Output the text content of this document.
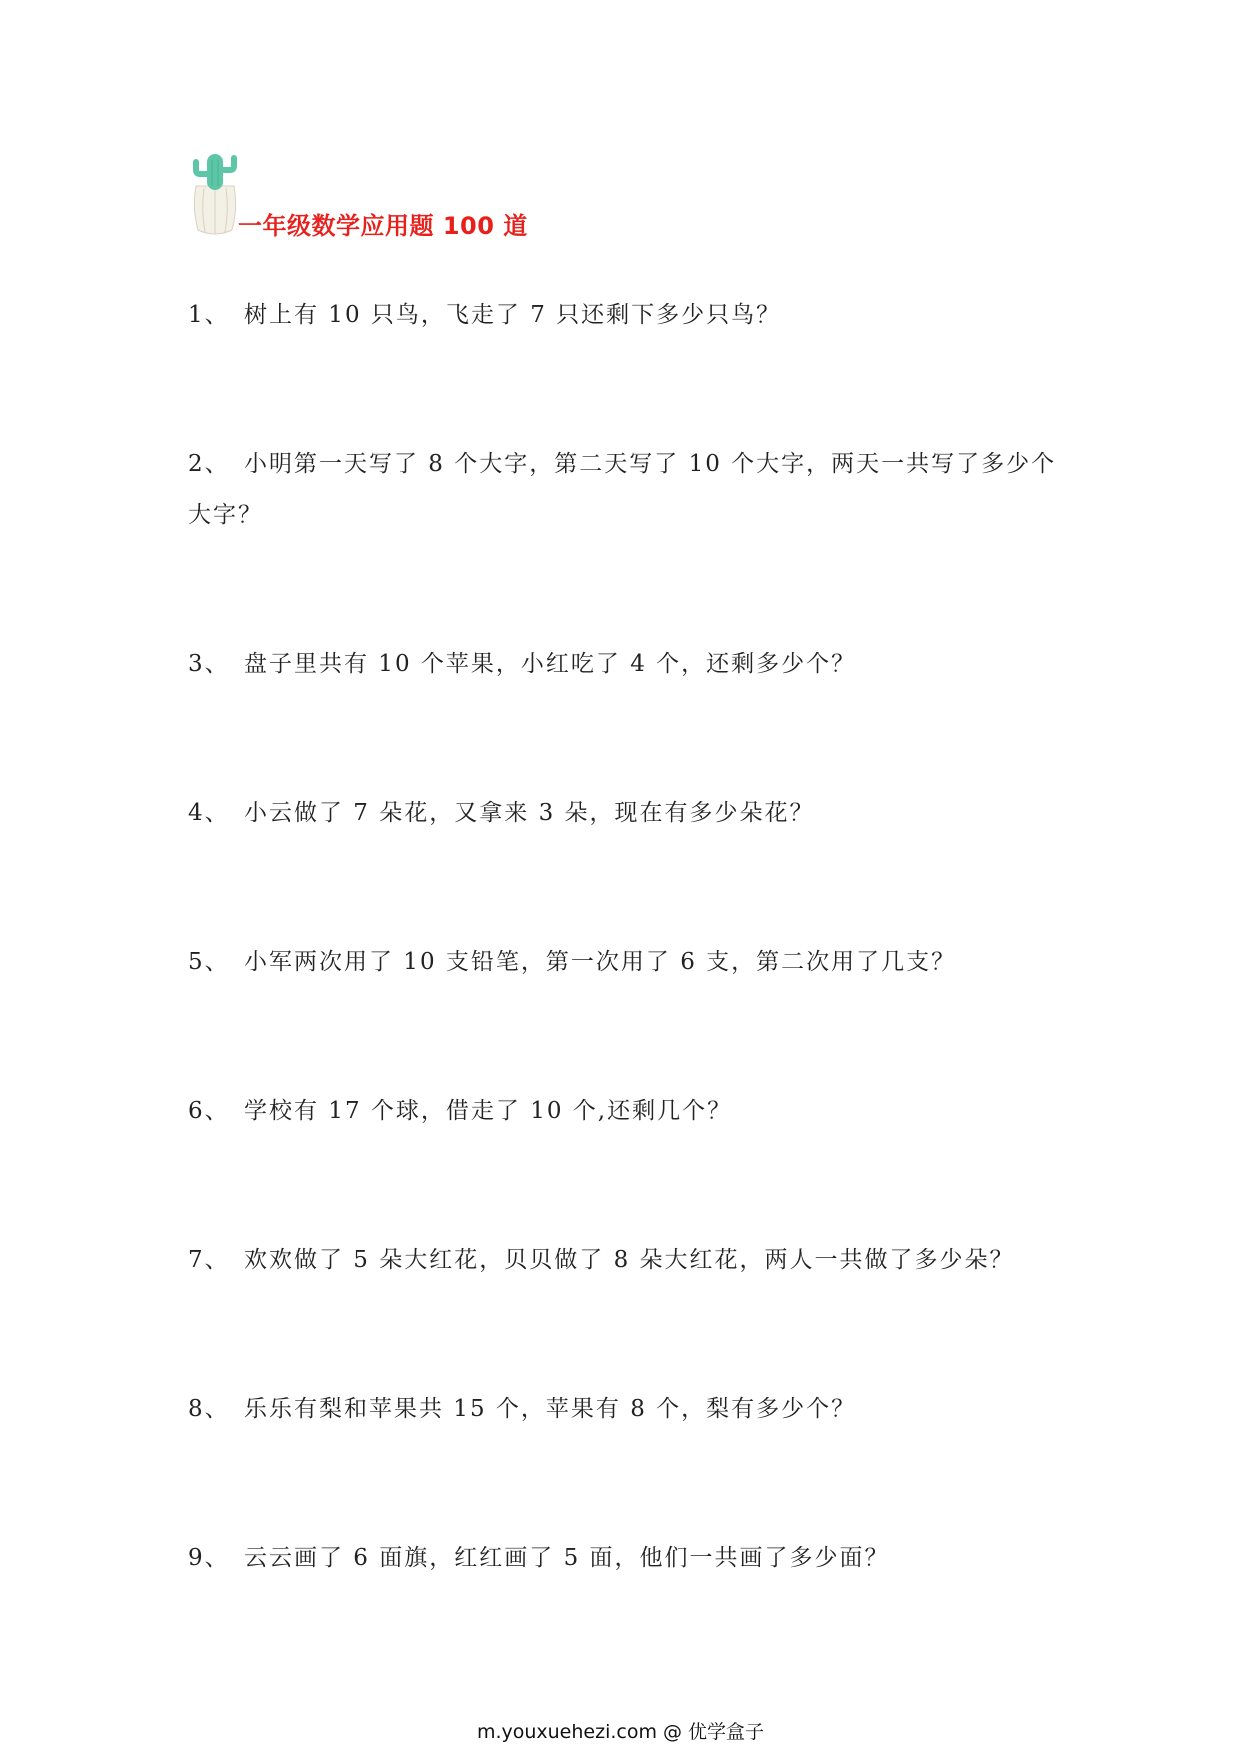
一年级数学应用题 100 道
1、 树上有 10 只鸟，飞走了 7 只还剩下多少只鸟？
2、 小明第一天写了 8 个大字，第二天写了 10 个大字，两天一共写了多少个大字？
3、 盘子里共有 10 个苹果，小红吃了 4 个，还剩多少个？
4、 小云做了 7 朵花，又拿来 3 朵，现在有多少朵花？
5、 小军两次用了 10 支铅笔，第一次用了 6 支，第二次用了几支？
6、 学校有 17 个球，借走了 10 个,还剩几个？
7、 欢欢做了 5 朵大红花，贝贝做了 8 朵大红花，两人一共做了多少朵？
8、 乐乐有梨和苹果共 15 个，苹果有 8 个，梨有多少个？
9、 云云画了 6 面旗，红红画了 5 面，他们一共画了多少面？
m.youxuehezi.com @ 优学盒子
